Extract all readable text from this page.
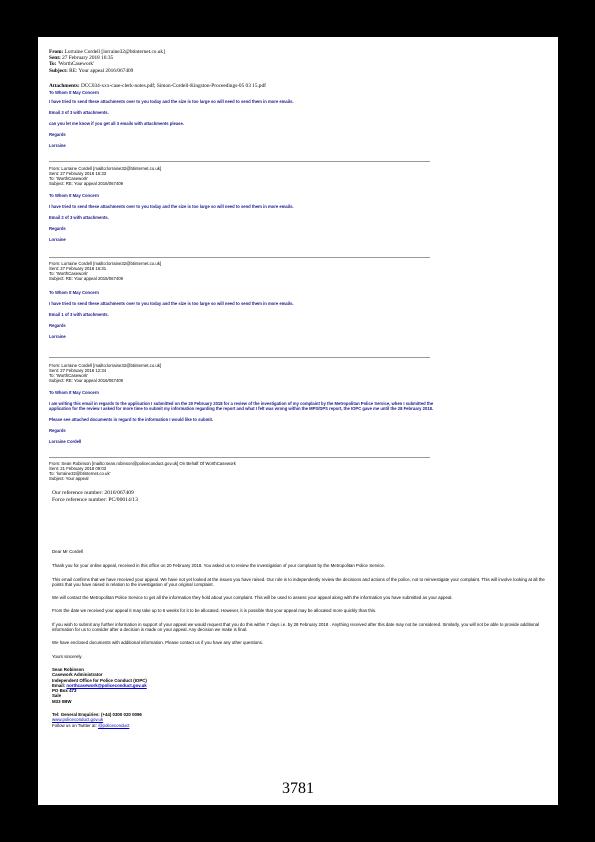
From: Lorraine Cordell [lorraine32@btinternet.co.uk]
Sent: 27 February 2018 16:35
To: 'WorthCasework'
Subject: RE: Your appeal 2016/067409
Attachments: DCC034-xxx-case-clerk-notes.pdf; Simon-Cordell-Kingston-Proceedings-05 03 15.pdf
To Whom It May Concern
I have tried to send these attachments over to you today and the size is too large so will need to send them in more emails.
Email 3 of 3 with attachments.
can you let me know if you get all 3 emails with attachments please.
Regards
Lorraine
From: Lorraine Cordell [mailto:lorraine32@btinternet.co.uk]
Sent: 27 February 2018 16:33
To: 'WorthCasework'
Subject: RE: Your appeal 2016/067409
To Whom It May Concern
I have tried to send these attachments over to you today and the size is too large so will need to send them in more emails.
Email 2 of 3 with attachments.
Regards
Lorraine
From: Lorraine Cordell [mailto:lorraine32@btinternet.co.uk]
Sent: 27 February 2018 16:31
To: 'WorthCasework'
Subject: RE: Your appeal 2016/067409
To Whom It May Concern
I have tried to send these attachments over to you today and the size is too large so will need to send them in more emails.
Email 1 of 3 with attachments.
Regards
Lorraine
From: Lorraine Cordell [mailto:lorraine32@btinternet.co.uk]
Sent: 27 February 2018 12:34
To: 'WorthCasework'
Subject: RE: Your appeal 2016/067409
To Whom It May Concern
I am writing this email in regards to the application I submitted on the 20 February 2018 for a review of the investigation of my complaint by the Metropolitan Police Service, when I submitted the application for the review I asked for more time to submit my information regarding the report and what I felt was wrong within the MPS/DPS report, the IOPC gave me until the 28 February 2018.
Please see attached documents in regard to the information I would like to submit.
Regards
Lorraine Cordell
From: Sean Robinson [mailto:sean.robinson@policeconduct.gov.uk] On Behalf Of WorthCasework
Sent: 21 February 2018 09:03
To: 'lorraine32@btinternet.co.uk'
Subject: Your appeal
Our reference number: 2016/067409
Force reference number: PC/00014/13

Dear Mr Cordell

Thank you for your online appeal, received in this office on 20 February 2018. You asked us to review the investigation of your complaint by the Metropolitan Police Service.

This email confirms that we have received your appeal. We have not yet looked at the issues you have raised. Our role is to independently review the decisions and actions of the police, not to reinvestigate your complaint. This will involve looking at all the points that you have raised in relation to the investigation of your original complaint.

We will contact the Metropolitan Police Service to get all the information they hold about your complaint. This will be used to assess your appeal along with the information you have submitted as your appeal.

From the date we received your appeal it may take up to 6 weeks for it to be allocated. However, it is possible that your appeal may be allocated more quickly than this.

If you wish to submit any further information in support of your appeal we would request that you do this within 7 days i.e. by 28 February 2018 . Anything received after this date may not be considered. Similarly, you will not be able to provide additional information for us to consider after a decision is made on your appeal. Any decision we make is final.

We have enclosed documents with additional information. Please contact us if you have any other questions.

Yours sincerely

Sean Robinson

Casework Administrator

Independent Office for Police Conduct (IOPC)

Email: northcasework@policeconduct.gov.uk

PO Box 473

Sale

M33 0BW

Tel: General Enquiries: (+44) 0300 020 0096

www.policeconduct.gov.uk

Follow us on Twitter at: @policeconduct

3781
